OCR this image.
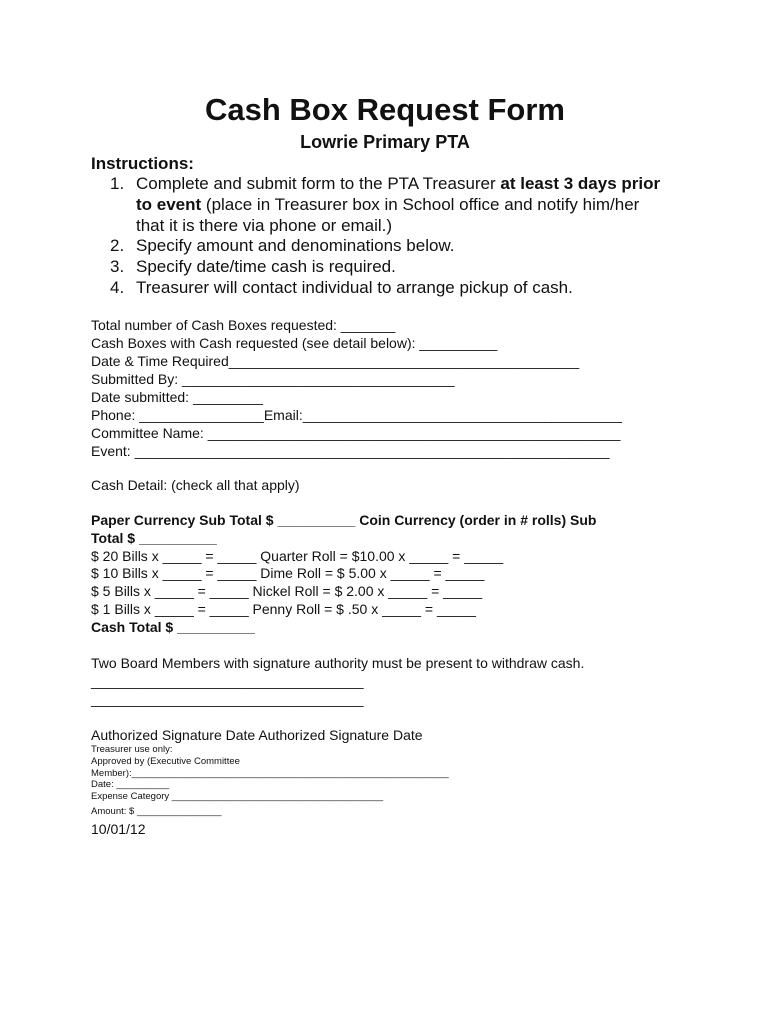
Cash Box Request Form
Lowrie Primary PTA
Instructions:
1. Complete and submit form to the PTA Treasurer at least 3 days prior to event (place in Treasurer box in School office and notify him/her that it is there via phone or email.)
2. Specify amount and denominations below.
3. Specify date/time cash is required.
4. Treasurer will contact individual to arrange pickup of cash.
Total number of Cash Boxes requested: _______
Cash Boxes with Cash requested (see detail below): __________
Date & Time Required_____________________________________________
Submitted By: ___________________________________
Date submitted: _________
Phone: ________________Email:_________________________________________
Committee Name: _____________________________________________________
Event: _____________________________________________________________
Cash Detail: (check all that apply)
Paper Currency Sub Total $ __________ Coin Currency (order in # rolls) Sub
Total $ __________
$ 20 Bills x _____ = _____ Quarter Roll = $10.00 x _____ = _____
$ 10 Bills x _____ = _____ Dime Roll = $ 5.00 x _____ = _____
$ 5 Bills x _____ = _____ Nickel Roll = $ 2.00 x _____ = _____
$ 1 Bills x _____ = _____ Penny Roll = $ .50 x _____ = _____
Cash Total $ __________
Two Board Members with signature authority must be present to withdraw cash.
___________________________________
___________________________________
Authorized Signature Date Authorized Signature Date
Treasurer use only:
Approved by (Executive Committee
Member):____________________________________________________________
Date: __________
Expense Category ________________________________________
Amount: $ ________________
10/01/12
